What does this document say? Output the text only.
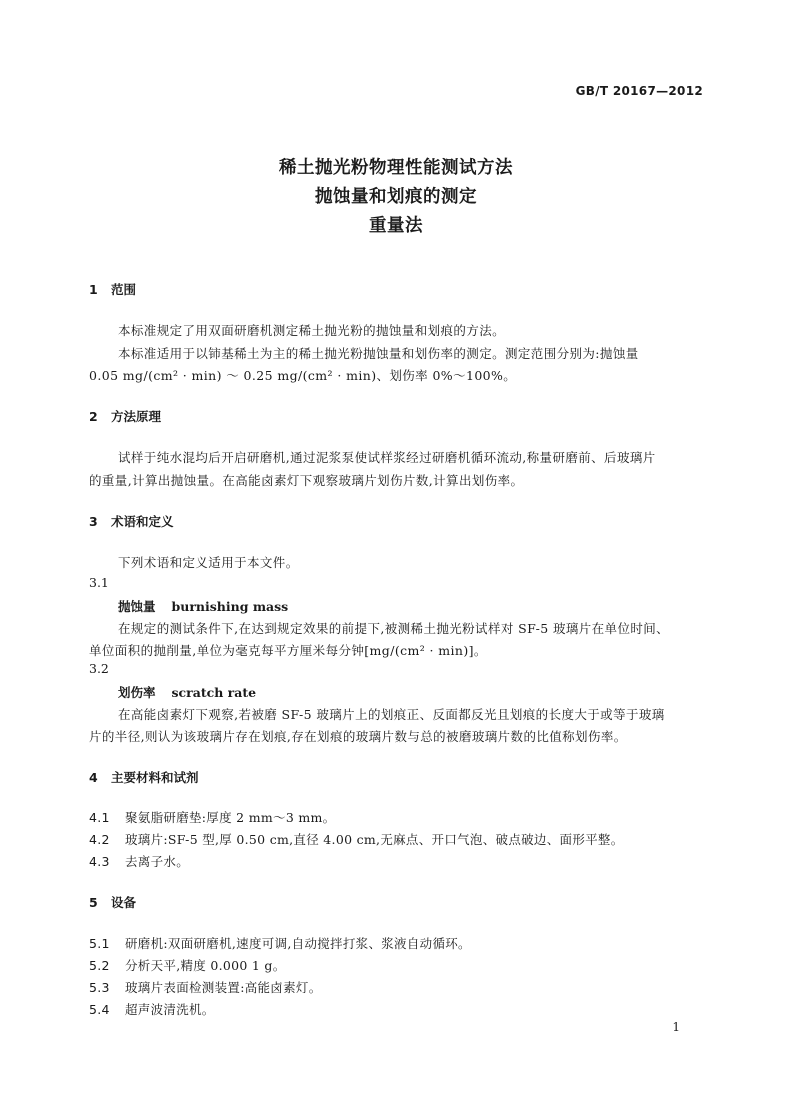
GB/T 20167—2012
稀土抛光粉物理性能测试方法
抛蚀量和划痕的测定
重量法
1 范围
本标准规定了用双面研磨机测定稀土抛光粉的抛蚀量和划痕的方法。
本标准适用于以铈基稀土为主的稀土抛光粉抛蚀量和划伤率的测定。测定范围分别为:抛蚀量
0.05 mg/(cm² · min) ～ 0.25 mg/(cm² · min)、划伤率 0%～100%。
2 方法原理
试样于纯水混均后开启研磨机,通过泥浆泵使试样浆经过研磨机循环流动,称量研磨前、后玻璃片
的重量,计算出抛蚀量。在高能卤素灯下观察玻璃片划伤片数,计算出划伤率。
3 术语和定义
下列术语和定义适用于本文件。
3.1
抛蚀量 burnishing mass
在规定的测试条件下,在达到规定效果的前提下,被测稀土抛光粉试样对 SF-5 玻璃片在单位时间、
单位面积的抛削量,单位为毫克每平方厘米每分钟[mg/(cm² · min)]。
3.2
划伤率 scratch rate
在高能卤素灯下观察,若被磨 SF-5 玻璃片上的划痕正、反面都反光且划痕的长度大于或等于玻璃
片的半径,则认为该玻璃片存在划痕,存在划痕的玻璃片数与总的被磨玻璃片数的比值称划伤率。
4 主要材料和试剂
4.1 聚氨脂研磨垫:厚度 2 mm～3 mm。
4.2 玻璃片:SF-5 型,厚 0.50 cm,直径 4.00 cm,无麻点、开口气泡、破点破边、面形平整。
4.3 去离子水。
5 设备
5.1 研磨机:双面研磨机,速度可调,自动搅拌打浆、浆液自动循环。
5.2 分析天平,精度 0.000 1 g。
5.3 玻璃片表面检测装置:高能卤素灯。
5.4 超声波清洗机。
1
